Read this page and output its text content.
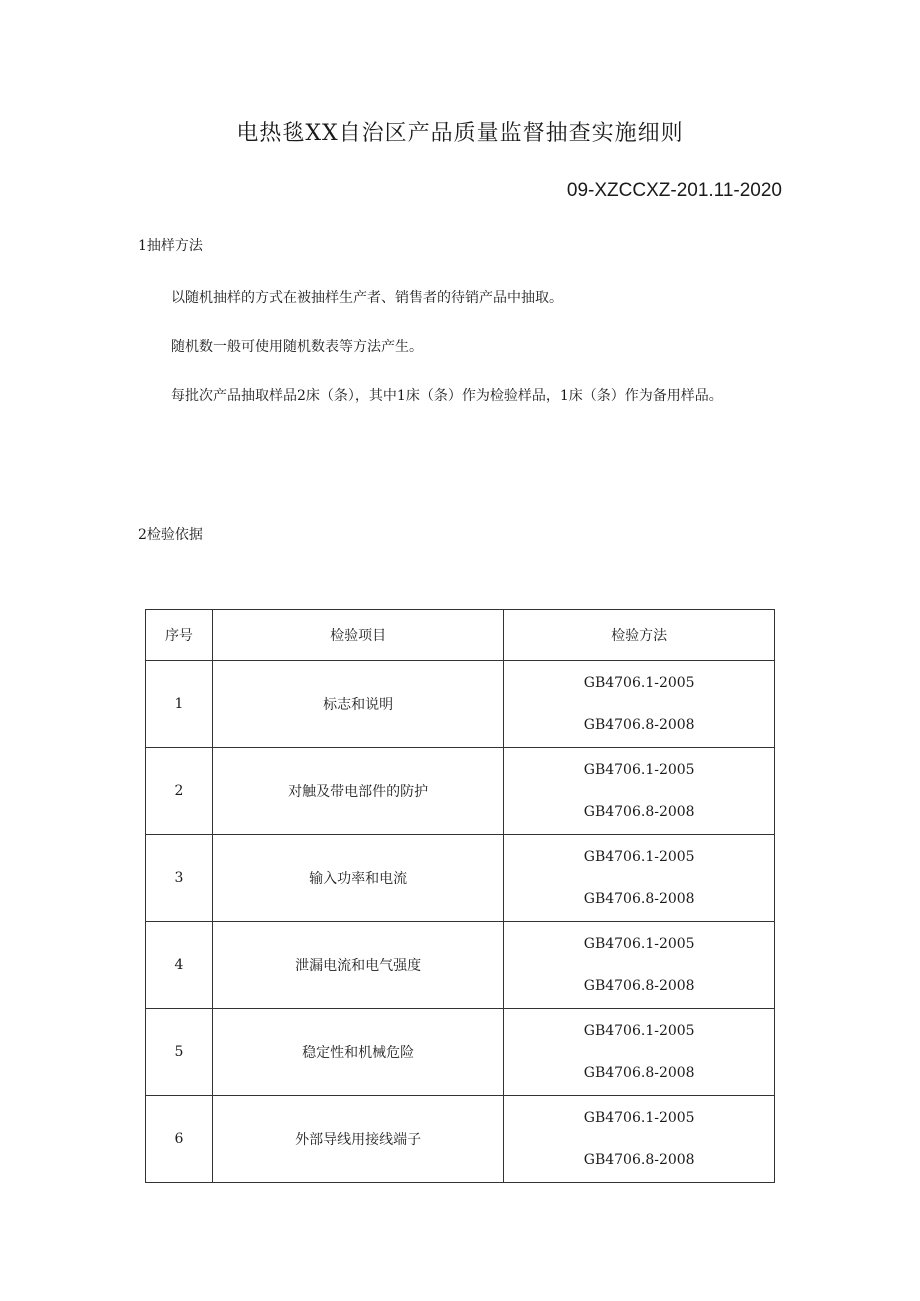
电热毯XX自治区产品质量监督抽查实施细则
09-XZCCXZ-201.11-2020
1抽样方法

以随机抽样的方式在被抽样生产者、销售者的待销产品中抽取。

随机数一般可使用随机数表等方法产生。

每批次产品抽取样品2床（条），其中1床（条）作为检验样品，1床（条）作为备用样品。

2检验依据
序号	检验项目	检验方法
1	标志和说明	GB4706.1-2005
GB4706.8-2008

2	对触及带电部件的防护	GB4706.1-2005
GB4706.8-2008

3	输入功率和电流	GB4706.1-2005
GB4706.8-2008

4	泄漏电流和电气强度	GB4706.1-2005
GB4706.8-2008

5	稳定性和机械危险	GB4706.1-2005
GB4706.8-2008

6	外部导线用接线端子	GB4706.1-2005
GB4706.8-2008
